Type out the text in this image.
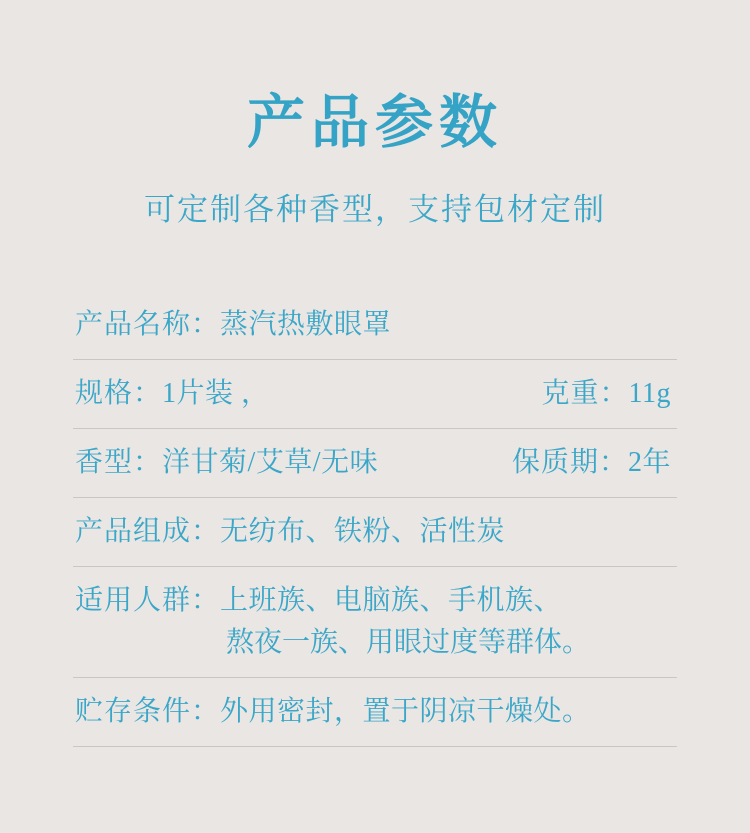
产品参数
可定制各种香型，支持包材定制
产品名称：蒸汽热敷眼罩
规格：1片装 ，	克重：11g
香型：洋甘菊/艾草/无味	保质期：2年
产品组成：无纺布、铁粉、活性炭
适用人群：上班族、电脑族、手机族、
熬夜一族、用眼过度等群体。
贮存条件：外用密封，置于阴凉干燥处。
